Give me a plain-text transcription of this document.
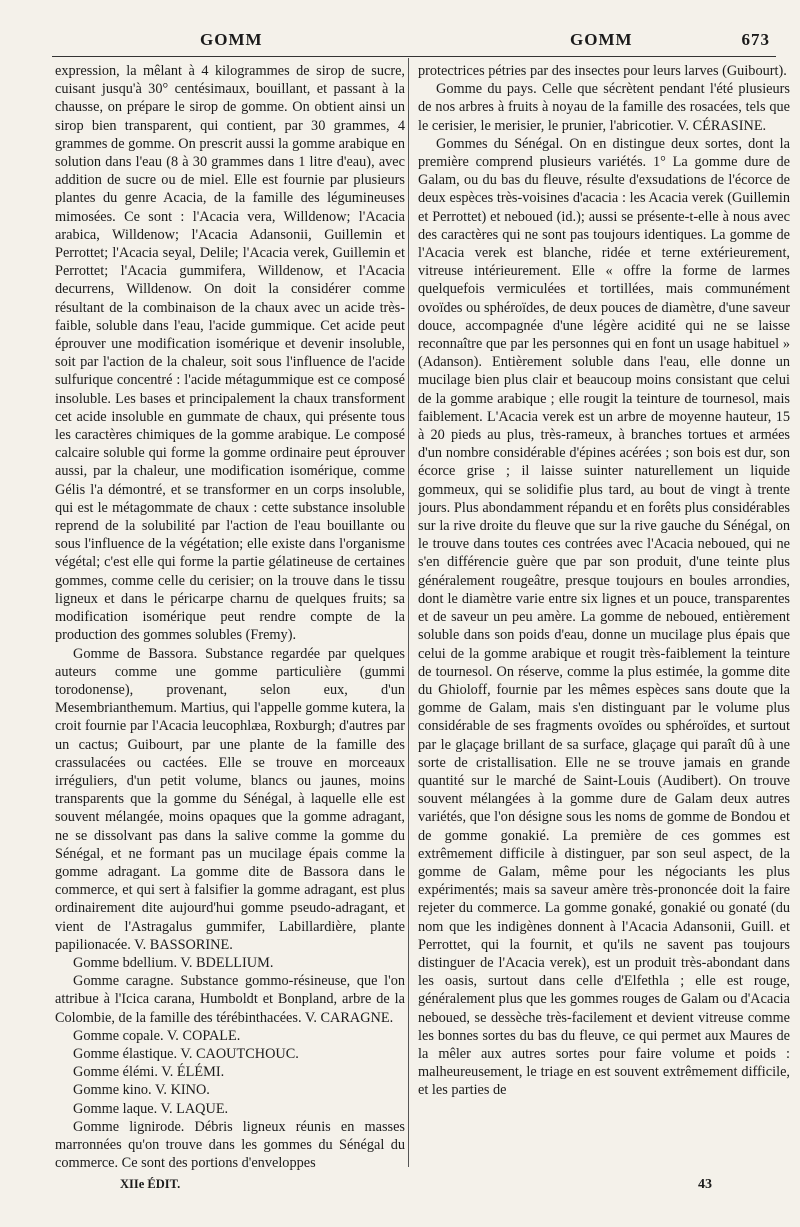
GOMM	GOMM	673

expression, la mêlant à 4 kilogrammes de sirop de sucre, cuisant jusqu'à 30° centésimaux, bouillant, et passant à la chausse, on prépare le sirop de gomme. On obtient ainsi un sirop bien transparent, qui contient, par 30 grammes, 4 grammes de gomme. On prescrit aussi la gomme arabique en solution dans l'eau (8 à 30 grammes dans 1 litre d'eau), avec addition de sucre ou de miel. Elle est fournie par plusieurs plantes du genre Acacia, de la famille des légumineuses mimosées. Ce sont : l'Acacia vera, Willdenow; l'Acacia arabica, Willdenow; l'Acacia Adansonii, Guillemin et Perrottet; l'Acacia seyal, Delile; l'Acacia verek, Guillemin et Perrottet; l'Acacia gummifera, Willdenow, et l'Acacia decurrens, Willdenow. On doit la considérer comme résultant de la combinaison de la chaux avec un acide très-faible, soluble dans l'eau, l'acide gummique. Cet acide peut éprouver une modification isomérique et devenir insoluble, soit par l'action de la chaleur, soit sous l'influence de l'acide sulfurique concentré : l'acide métagummique est ce composé insoluble. Les bases et principalement la chaux transforment cet acide insoluble en gummate de chaux, qui présente tous les caractères chimiques de la gomme arabique. Le composé calcaire soluble qui forme la gomme ordinaire peut éprouver aussi, par la chaleur, une modification isomérique, comme Gélis l'a démontré, et se transformer en un corps insoluble, qui est le métagommate de chaux : cette substance insoluble reprend de la solubilité par l'action de l'eau bouillante ou sous l'influence de la végétation; elle existe dans l'organisme végétal; c'est elle qui forme la partie gélatineuse de certaines gommes, comme celle du cerisier; on la trouve dans le tissu ligneux et dans le péricarpe charnu de quelques fruits; sa modification isomérique peut rendre compte de la production des gommes solubles (Fremy).

Gomme de Bassora. Substance regardée par quelques auteurs comme une gomme particulière (gummi torodonense), provenant, selon eux, d'un Mesembrianthemum. Martius, qui l'appelle gomme kutera, la croit fournie par l'Acacia leucophlæa, Roxburgh; d'autres par un cactus; Guibourt, par une plante de la famille des crassulacées ou cactées. Elle se trouve en morceaux irréguliers, d'un petit volume, blancs ou jaunes, moins transparents que la gomme du Sénégal, à laquelle elle est souvent mélangée, moins opaques que la gomme adragant, ne se dissolvant pas dans la salive comme la gomme du Sénégal, et ne formant pas un mucilage épais comme la gomme adragant. La gomme dite de Bassora dans le commerce, et qui sert à falsifier la gomme adragant, est plus ordinairement dite aujourd'hui gomme pseudo-adragant, et vient de l'Astragalus gummifer, Labillardière, plante papilionacée. V. BASSORINE.

Gomme bdellium. V. BDELLIUM.

Gomme caragne. Substance gommo-résineuse, que l'on attribue à l'Icica carana, Humboldt et Bonpland, arbre de la Colombie, de la famille des térébinthacées. V. CARAGNE.

Gomme copale. V. COPALE.

Gomme élastique. V. CAOUTCHOUC.

Gomme élémi. V. ÉLÉMI.

Gomme kino. V. KINO.

Gomme laque. V. LAQUE.

Gomme lignirode. Débris ligneux réunis en masses marronnées qu'on trouve dans les gommes du Sénégal du commerce. Ce sont des portions d'enveloppes

protectrices pétries par des insectes pour leurs larves (Guibourt).

Gomme du pays. Celle que sécrètent pendant l'été plusieurs de nos arbres à fruits à noyau de la famille des rosacées, tels que le cerisier, le merisier, le prunier, l'abricotier. V. CÉRASINE.

Gommes du Sénégal. On en distingue deux sortes, dont la première comprend plusieurs variétés. 1° La gomme dure de Galam, ou du bas du fleuve, résulte d'exsudations de l'écorce de deux espèces très-voisines d'acacia : les Acacia verek (Guillemin et Perrottet) et neboued (id.); aussi se présente-t-elle à nous avec des caractères qui ne sont pas toujours identiques. La gomme de l'Acacia verek est blanche, ridée et terne extérieurement, vitreuse intérieurement. Elle « offre la forme de larmes quelquefois vermiculées et tortillées, mais communément ovoïdes ou sphéroïdes, de deux pouces de diamètre, d'une saveur douce, accompagnée d'une légère acidité qui ne se laisse reconnaître que par les personnes qui en font un usage habituel » (Adanson). Entièrement soluble dans l'eau, elle donne un mucilage bien plus clair et beaucoup moins consistant que celui de la gomme arabique ; elle rougit la teinture de tournesol, mais faiblement. L'Acacia verek est un arbre de moyenne hauteur, 15 à 20 pieds au plus, très-rameux, à branches tortues et armées d'un nombre considérable d'épines acérées ; son bois est dur, son écorce grise ; il laisse suinter naturellement un liquide gommeux, qui se solidifie plus tard, au bout de vingt à trente jours. Plus abondamment répandu et en forêts plus considérables sur la rive droite du fleuve que sur la rive gauche du Sénégal, on le trouve dans toutes ces contrées avec l'Acacia neboued, qui ne s'en différencie guère que par son produit, d'une teinte plus généralement rougeâtre, presque toujours en boules arrondies, dont le diamètre varie entre six lignes et un pouce, transparentes et de saveur un peu amère. La gomme de neboued, entièrement soluble dans son poids d'eau, donne un mucilage plus épais que celui de la gomme arabique et rougit très-faiblement la teinture de tournesol. On réserve, comme la plus estimée, la gomme dite du Ghioloff, fournie par les mêmes espèces sans doute que la gomme de Galam, mais s'en distinguant par le volume plus considérable de ses fragments ovoïdes ou sphéroïdes, et surtout par le glaçage brillant de sa surface, glaçage qui paraît dû à une sorte de cristallisation. Elle ne se trouve jamais en grande quantité sur le marché de Saint-Louis (Audibert). On trouve souvent mélangées à la gomme dure de Galam deux autres variétés, que l'on désigne sous les noms de gomme de Bondou et de gomme gonakié. La première de ces gommes est extrêmement difficile à distinguer, par son seul aspect, de la gomme de Galam, même pour les négociants les plus expérimentés; mais sa saveur amère très-prononcée doit la faire rejeter du commerce. La gomme gonaké, gonakié ou gonaté (du nom que les indigènes donnent à l'Acacia Adansonii, Guill. et Perrottet, qui la fournit, et qu'ils ne savent pas toujours distinguer de l'Acacia verek), est un produit très-abondant dans les oasis, surtout dans celle d'Elfethla ; elle est rouge, généralement plus que les gommes rouges de Galam ou d'Acacia neboued, se dessèche très-facilement et devient vitreuse comme les bonnes sortes du bas du fleuve, ce qui permet aux Maures de la mêler aux autres sortes pour faire volume et poids : malheureusement, le triage en est souvent extrêmement difficile, et les parties de

XIIe ÉDIT.	43
